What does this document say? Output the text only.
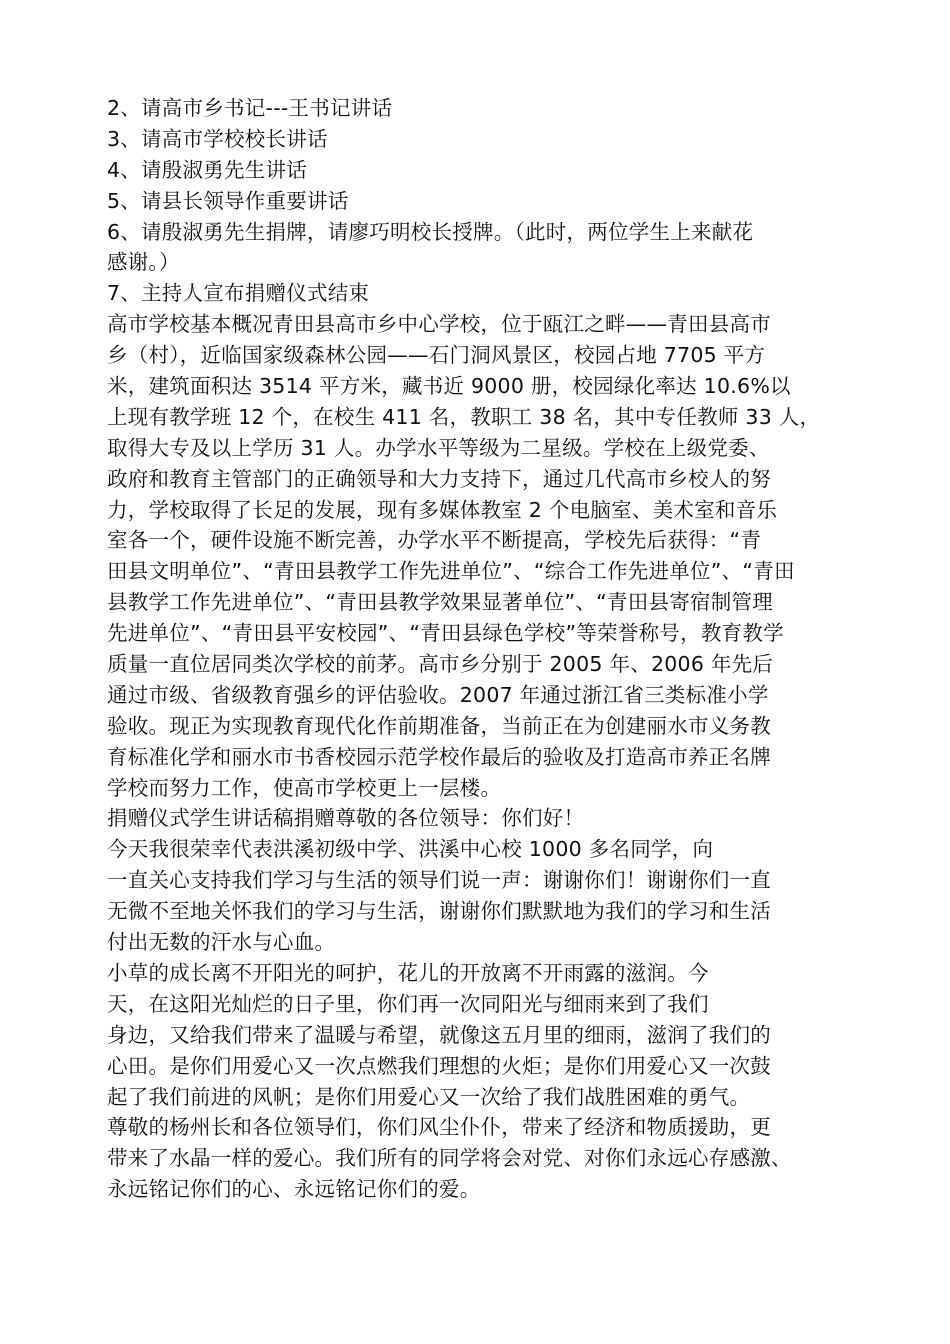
2、请高市乡书记---王书记讲话
3、请高市学校校长讲话
4、请殷淑勇先生讲话
5、请县长领导作重要讲话
6、请殷淑勇先生捐牌，请廖巧明校长授牌。（此时，两位学生上来献花
感谢。）
7、主持人宣布捐赠仪式结束
高市学校基本概况青田县高市乡中心学校，位于瓯江之畔——青田县高市
乡（村），近临国家级森林公园——石门洞风景区，校园占地 7705 平方
米，建筑面积达 3514 平方米，藏书近 9000 册，校园绿化率达 10.6%以
上现有教学班 12 个，在校生 411 名，教职工 38 名，其中专任教师 33 人，
取得大专及以上学历 31 人。办学水平等级为二星级。学校在上级党委、
政府和教育主管部门的正确领导和大力支持下，通过几代高市乡校人的努
力，学校取得了长足的发展，现有多媒体教室 2 个电脑室、美术室和音乐
室各一个，硬件设施不断完善，办学水平不断提高，学校先后获得：“青
田县文明单位”、“青田县教学工作先进单位”、“综合工作先进单位”、“青田
县教学工作先进单位”、“青田县教学效果显著单位”、“青田县寄宿制管理
先进单位”、“青田县平安校园”、“青田县绿色学校”等荣誉称号，教育教学
质量一直位居同类次学校的前茅。高市乡分别于 2005 年、2006 年先后
通过市级、省级教育强乡的评估验收。2007 年通过浙江省三类标准小学
验收。现正为实现教育现代化作前期准备，当前正在为创建丽水市义务教
育标准化学和丽水市书香校园示范学校作最后的验收及打造高市养正名牌
学校而努力工作，使高市学校更上一层楼。
捐赠仪式学生讲话稿捐赠尊敬的各位领导：你们好！
今天我很荣幸代表洪溪初级中学、洪溪中心校 1000 多名同学，向
一直关心支持我们学习与生活的领导们说一声：谢谢你们！谢谢你们一直
无微不至地关怀我们的学习与生活，谢谢你们默默地为我们的学习和生活
付出无数的汗水与心血。
小草的成长离不开阳光的呵护，花儿的开放离不开雨露的滋润。今
天，在这阳光灿烂的日子里，你们再一次同阳光与细雨来到了我们
身边，又给我们带来了温暖与希望，就像这五月里的细雨，滋润了我们的
心田。是你们用爱心又一次点燃我们理想的火炬；是你们用爱心又一次鼓
起了我们前进的风帆；是你们用爱心又一次给了我们战胜困难的勇气。
尊敬的杨州长和各位领导们，你们风尘仆仆，带来了经济和物质援助，更
带来了水晶一样的爱心。我们所有的同学将会对党、对你们永远心存感激、
永远铭记你们的心、永远铭记你们的爱。
